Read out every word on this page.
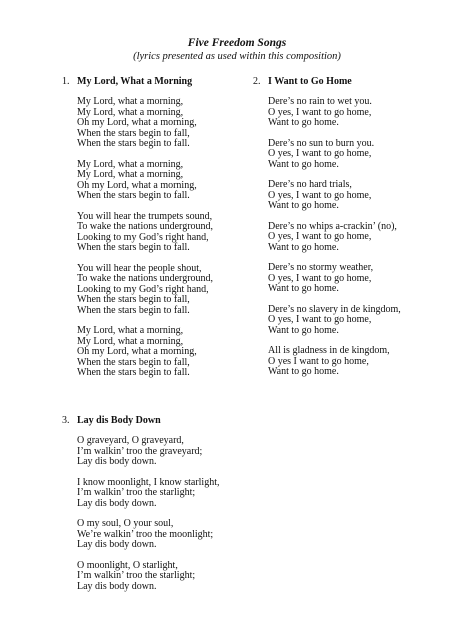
Five Freedom Songs

(lyrics presented as used within this composition)

1. My Lord, What a Morning
My Lord, what a morning,
My Lord, what a morning,
Oh my Lord, what a morning,
When the stars begin to fall,
When the stars begin to fall.
My Lord, what a morning,
My Lord, what a morning,
Oh my Lord, what a morning,
When the stars begin to fall.
You will hear the trumpets sound,
To wake the nations underground,
Looking to my God’s right hand,
When the stars begin to fall.
You will hear the people shout,
To wake the nations underground,
Looking to my God’s right hand,
When the stars begin to fall,
When the stars begin to fall.
My Lord, what a morning,
My Lord, what a morning,
Oh my Lord, what a morning,
When the stars begin to fall,
When the stars begin to fall.
2. I Want to Go Home
Dere’s no rain to wet you.
O yes, I want to go home,
Want to go home.
Dere’s no sun to burn you.
O yes, I want to go home,
Want to go home.
Dere’s no hard trials,
O yes, I want to go home,
Want to go home.
Dere’s no whips a-crackin’ (no),
O yes, I want to go home,
Want to go home.
Dere’s no stormy weather,
O yes, I want to go home,
Want to go home.
Dere’s no slavery in de kingdom,
O yes, I want to go home,
Want to go home.
All is gladness in de kingdom,
O yes I want to go home,
Want to go home.
3. Lay dis Body Down
O graveyard, O graveyard,
I’m walkin’ troo the graveyard;
Lay dis body down.
I know moonlight, I know starlight,
I’m walkin’ troo the starlight;
Lay dis body down.
O my soul, O your soul,
We’re walkin’ troo the moonlight;
Lay dis body down.
O moonlight, O starlight,
I’m walkin’ troo the starlight;
Lay dis body down.
